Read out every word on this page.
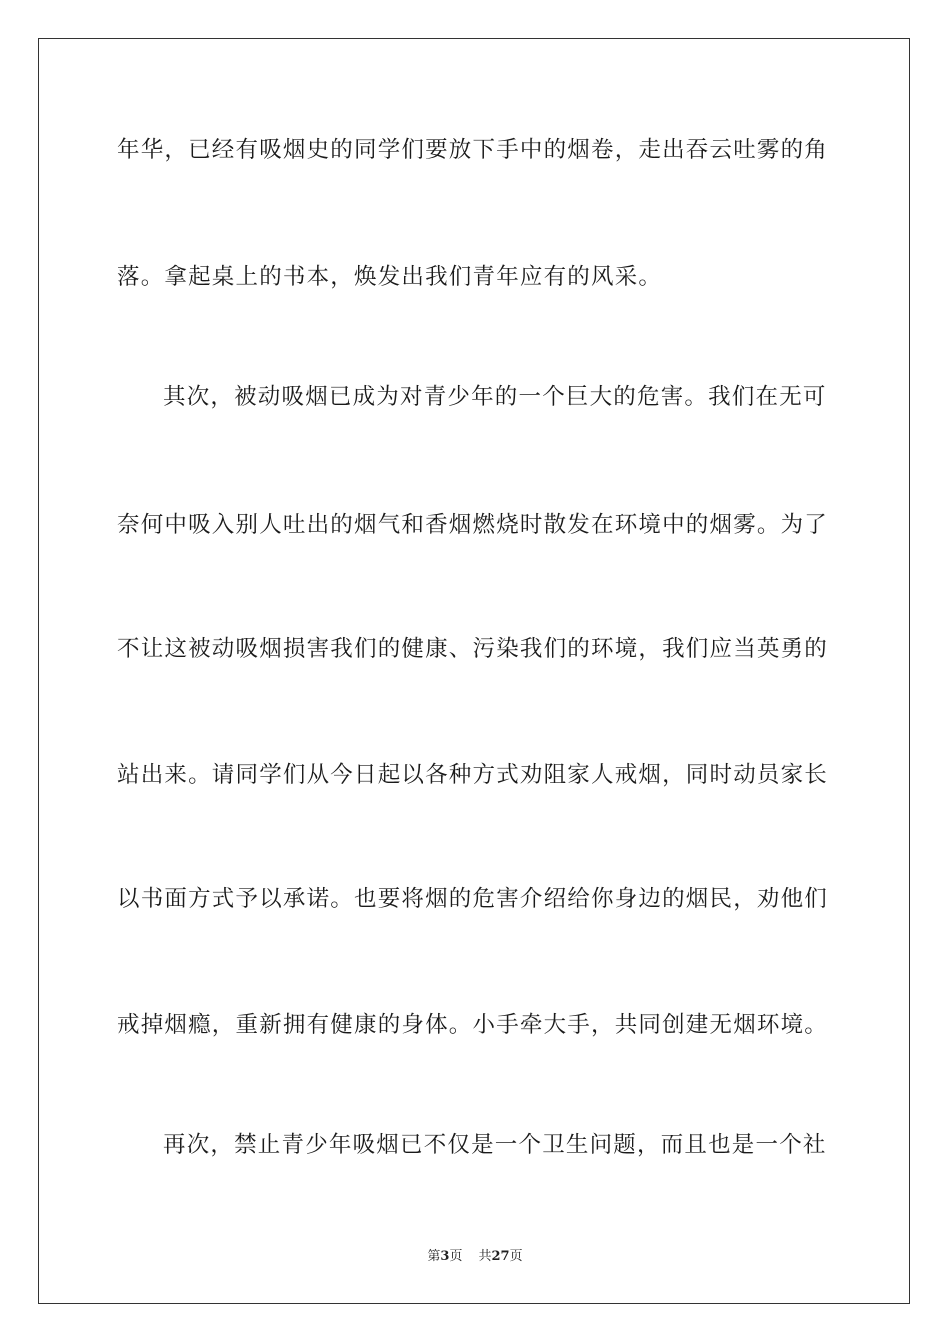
年华，已经有吸烟史的同学们要放下手中的烟卷，走出吞云吐雾的角
落。拿起桌上的书本，焕发出我们青年应有的风采。
其次，被动吸烟已成为对青少年的一个巨大的危害。我们在无可
奈何中吸入别人吐出的烟气和香烟燃烧时散发在环境中的烟雾。为了
不让这被动吸烟损害我们的健康、污染我们的环境，我们应当英勇的
站出来。请同学们从今日起以各种方式劝阻家人戒烟，同时动员家长
以书面方式予以承诺。也要将烟的危害介绍给你身边的烟民，劝他们
戒掉烟瘾，重新拥有健康的身体。小手牵大手，共同创建无烟环境。
再次，禁止青少年吸烟已不仅是一个卫生问题，而且也是一个社
第3页 共27页
